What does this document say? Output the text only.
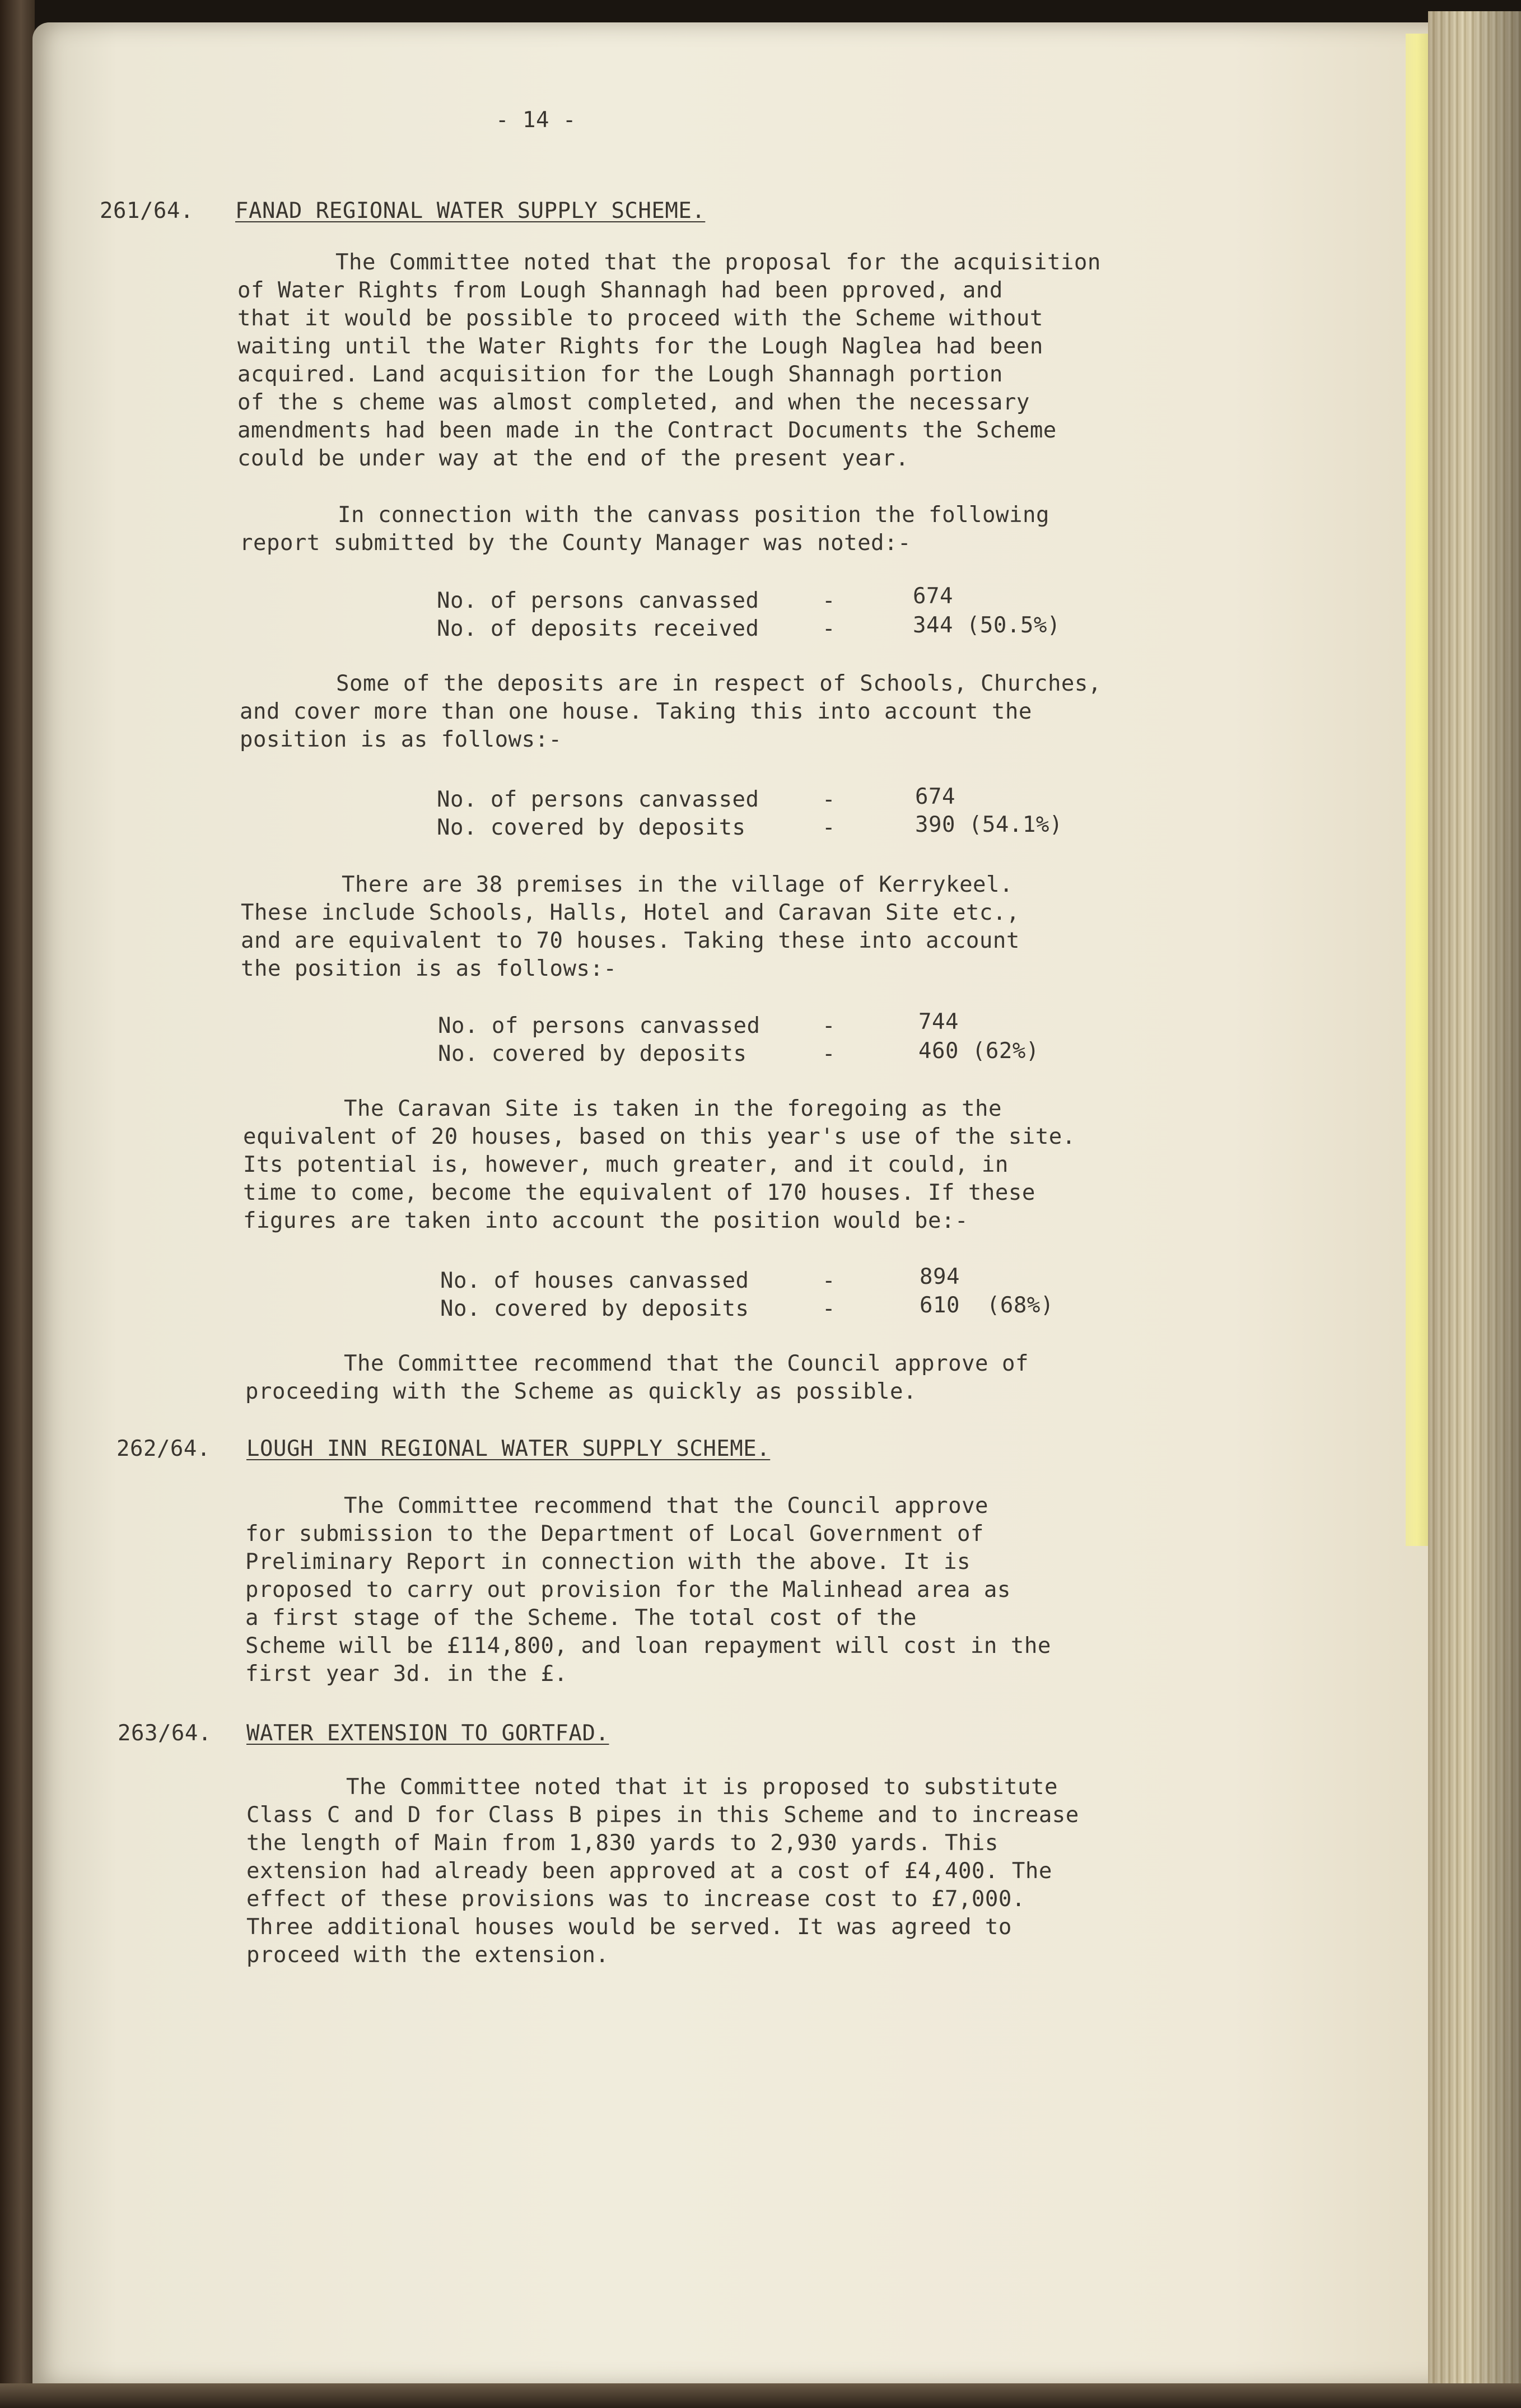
- 14 -
261/64. FANAD REGIONAL WATER SUPPLY SCHEME.
The Committee noted that the proposal for the acquisition
of Water Rights from Lough Shannagh had been pproved, and
that it would be possible to proceed with the Scheme without
waiting until the Water Rights for the Lough Naglea had been
acquired. Land acquisition for the Lough Shannagh portion
of the s cheme was almost completed, and when the necessary
amendments had been made in the Contract Documents the Scheme
could be under way at the end of the present year.
In connection with the canvass position the following
report submitted by the County Manager was noted:-
No. of persons canvassed	-	674
No. of deposits received	-	344 (50.5%)
Some of the deposits are in respect of Schools, Churches,
and cover more than one house. Taking this into account the
position is as follows:-
No. of persons canvassed	-	674
No. covered by deposits	-	390 (54.1%)
There are 38 premises in the village of Kerrykeel.
These include Schools, Halls, Hotel and Caravan Site etc.,
and are equivalent to 70 houses. Taking these into account
the position is as follows:-
No. of persons canvassed	-	744
No. covered by deposits	-	460 (62%)
The Caravan Site is taken in the foregoing as the
equivalent of 20 houses, based on this year's use of the site.
Its potential is, however, much greater, and it could, in
time to come, become the equivalent of 170 houses. If these
figures are taken into account the position would be:-
No. of houses canvassed	-	894
No. covered by deposits	-	610  (68%)
The Committee recommend that the Council approve of
proceeding with the Scheme as quickly as possible.
262/64. LOUGH INN REGIONAL WATER SUPPLY SCHEME.
The Committee recommend that the Council approve
for submission to the Department of Local Government of
Preliminary Report in connection with the above. It is
proposed to carry out provision for the Malinhead area as
a first stage of the Scheme. The total cost of the
Scheme will be £114,800, and loan repayment will cost in the
first year 3d. in the £.
263/64. WATER EXTENSION TO GORTFAD.
The Committee noted that it is proposed to substitute
Class C and D for Class B pipes in this Scheme and to increase
the length of Main from 1,830 yards to 2,930 yards. This
extension had already been approved at a cost of £4,400. The
effect of these provisions was to increase cost to £7,000.
Three additional houses would be served. It was agreed to
proceed with the extension.
